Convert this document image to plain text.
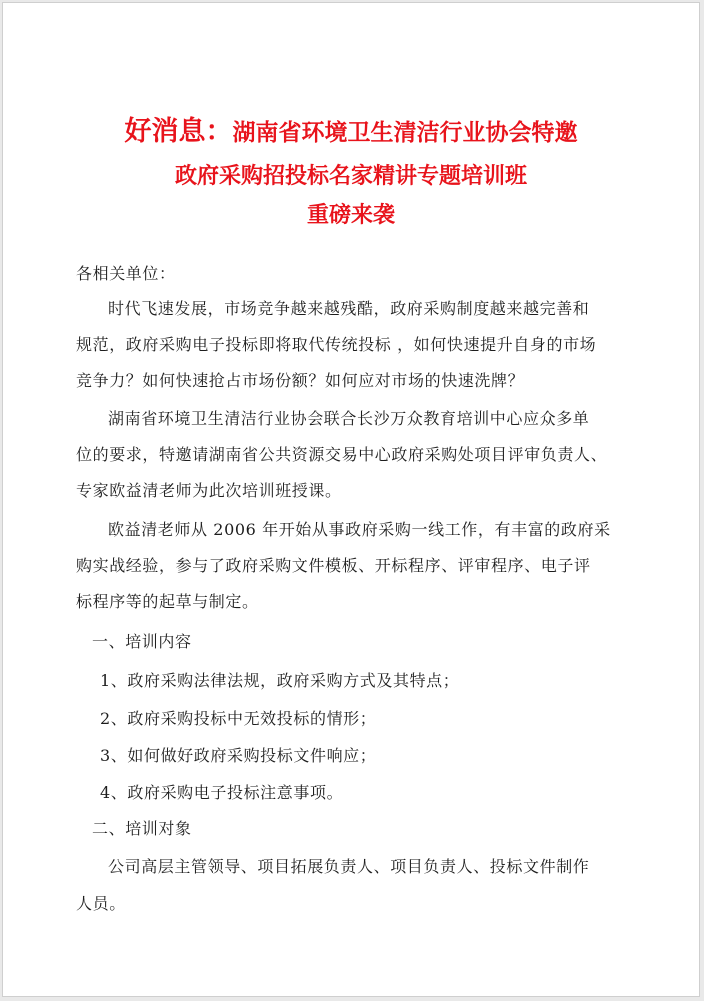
好消息：湖南省环境卫生清洁行业协会特邀
政府采购招投标名家精讲专题培训班
重磅来袭
各相关单位：
时代飞速发展，市场竞争越来越残酷，政府采购制度越来越完善和
规范，政府采购电子投标即将取代传统投标 ，如何快速提升自身的市场
竞争力？如何快速抢占市场份额？如何应对市场的快速洗牌？
湖南省环境卫生清洁行业协会联合长沙万众教育培训中心应众多单
位的要求，特邀请湖南省公共资源交易中心政府采购处项目评审负责人、
专家欧益清老师为此次培训班授课。
欧益清老师从 2006 年开始从事政府采购一线工作，有丰富的政府采
购实战经验，参与了政府采购文件模板、开标程序、评审程序、电子评
标程序等的起草与制定。
一、培训内容
1、政府采购法律法规，政府采购方式及其特点；
2、政府采购投标中无效投标的情形；
3、如何做好政府采购投标文件响应；
4、政府采购电子投标注意事项。
二、培训对象
公司高层主管领导、项目拓展负责人、项目负责人、投标文件制作
人员。
